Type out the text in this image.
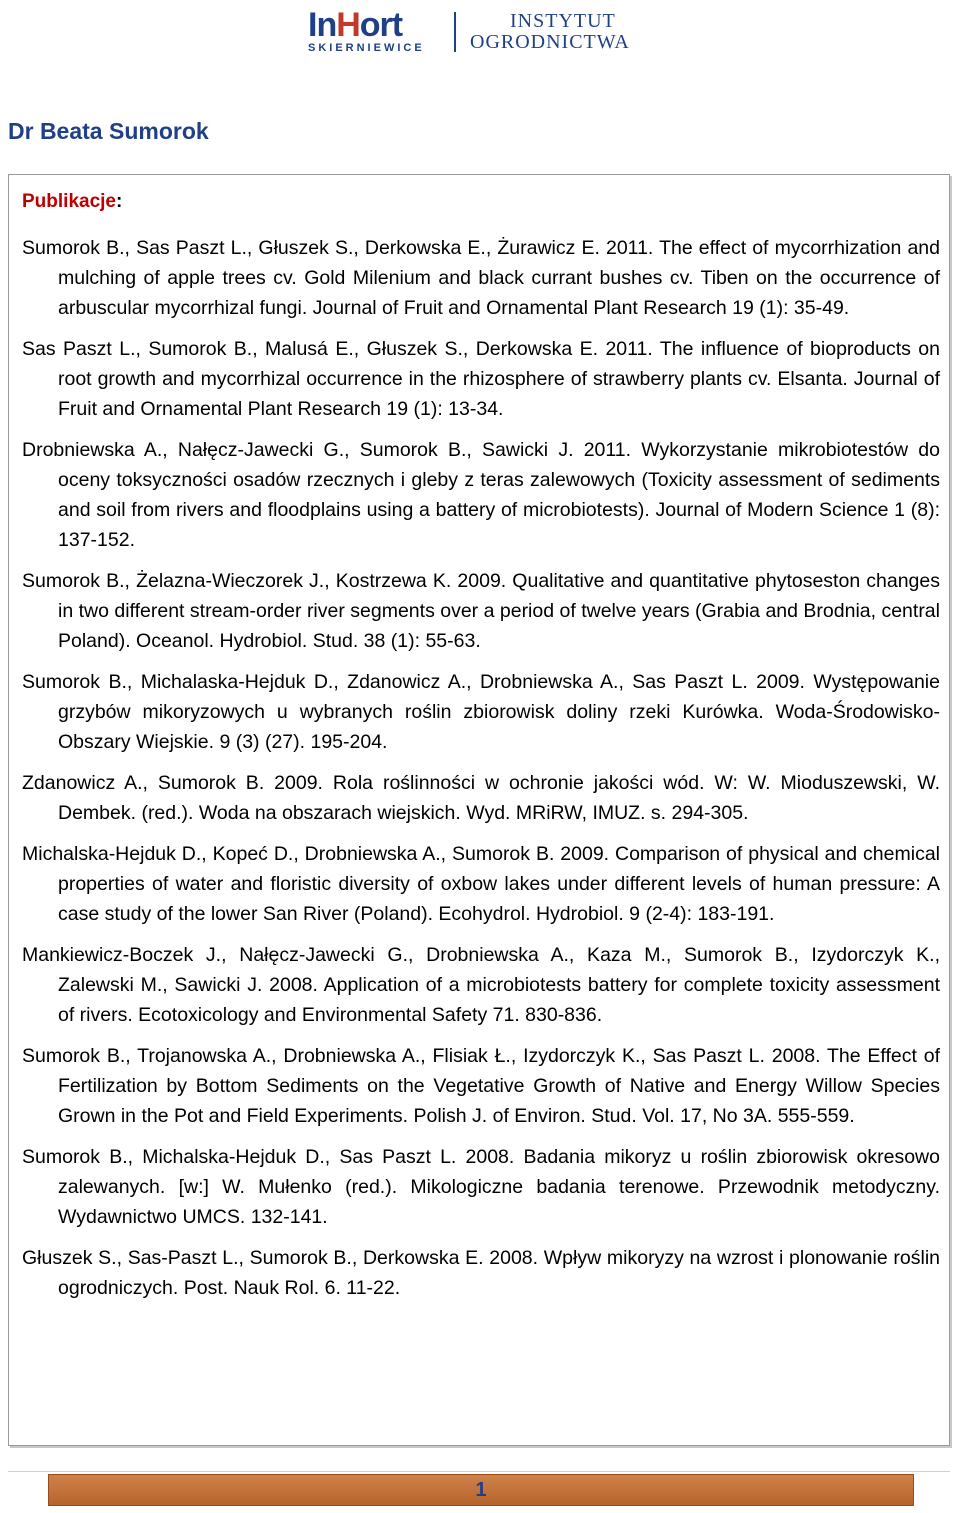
InHort
SKIERNIEWICE
INSTYTUT
OGRODNICTWA
Dr Beata Sumorok
Publikacje:
Sumorok B., Sas Paszt L., Głuszek S., Derkowska E., Żurawicz E. 2011. The effect of mycorrhization and mulching of apple trees cv. Gold Milenium and black currant bushes cv. Tiben on the occurrence of arbuscular mycorrhizal fungi. Journal of Fruit and Ornamental Plant Research 19 (1): 35-49.
Sas Paszt L., Sumorok B., Malusá E., Głuszek S., Derkowska E. 2011. The influence of bioproducts on root growth and mycorrhizal occurrence in the rhizosphere of strawberry plants cv. Elsanta. Journal of Fruit and Ornamental Plant Research 19 (1): 13-34.
Drobniewska A., Nałęcz-Jawecki G., Sumorok B., Sawicki J. 2011. Wykorzystanie mikrobiotestów do oceny toksyczności osadów rzecznych i gleby z teras zalewowych (Toxicity assessment of sediments and soil from rivers and floodplains using a battery of microbiotests). Journal of Modern Science 1 (8): 137-152.
Sumorok B., Żelazna-Wieczorek J., Kostrzewa K. 2009. Qualitative and quantitative phytoseston changes in two different stream-order river segments over a period of twelve years (Grabia and Brodnia, central Poland). Oceanol. Hydrobiol. Stud. 38 (1): 55-63.
Sumorok B., Michalaska-Hejduk D., Zdanowicz A., Drobniewska A., Sas Paszt L. 2009. Występowanie grzybów mikoryzowych u wybranych roślin zbiorowisk doliny rzeki Kurówka. Woda-Środowisko-Obszary Wiejskie. 9 (3) (27). 195-204.
Zdanowicz A., Sumorok B. 2009. Rola roślinności w ochronie jakości wód. W: W. Mioduszewski, W. Dembek. (red.). Woda na obszarach wiejskich. Wyd. MRiRW, IMUZ. s. 294-305.
Michalska-Hejduk D., Kopeć D., Drobniewska A., Sumorok B. 2009. Comparison of physical and chemical properties of water and floristic diversity of oxbow lakes under different levels of human pressure: A case study of the lower San River (Poland). Ecohydrol. Hydrobiol. 9 (2-4): 183-191.
Mankiewicz-Boczek J., Nałęcz-Jawecki G., Drobniewska A., Kaza M., Sumorok B., Izydorczyk K., Zalewski M., Sawicki J. 2008. Application of a microbiotests battery for complete toxicity assessment of rivers. Ecotoxicology and Environmental Safety 71. 830-836.
Sumorok B., Trojanowska A., Drobniewska A., Flisiak Ł., Izydorczyk K., Sas Paszt L. 2008. The Effect of Fertilization by Bottom Sediments on the Vegetative Growth of Native and Energy Willow Species Grown in the Pot and Field Experiments. Polish J. of Environ. Stud. Vol. 17, No 3A. 555-559.
Sumorok B., Michalska-Hejduk D., Sas Paszt L. 2008. Badania mikoryz u roślin zbiorowisk okresowo zalewanych. [w:] W. Mułenko (red.). Mikologiczne badania terenowe. Przewodnik metodyczny. Wydawnictwo UMCS. 132-141.
Głuszek S., Sas-Paszt L., Sumorok B., Derkowska E. 2008. Wpływ mikoryzy na wzrost i plonowanie roślin ogrodniczych. Post. Nauk Rol. 6. 11-22.
1
